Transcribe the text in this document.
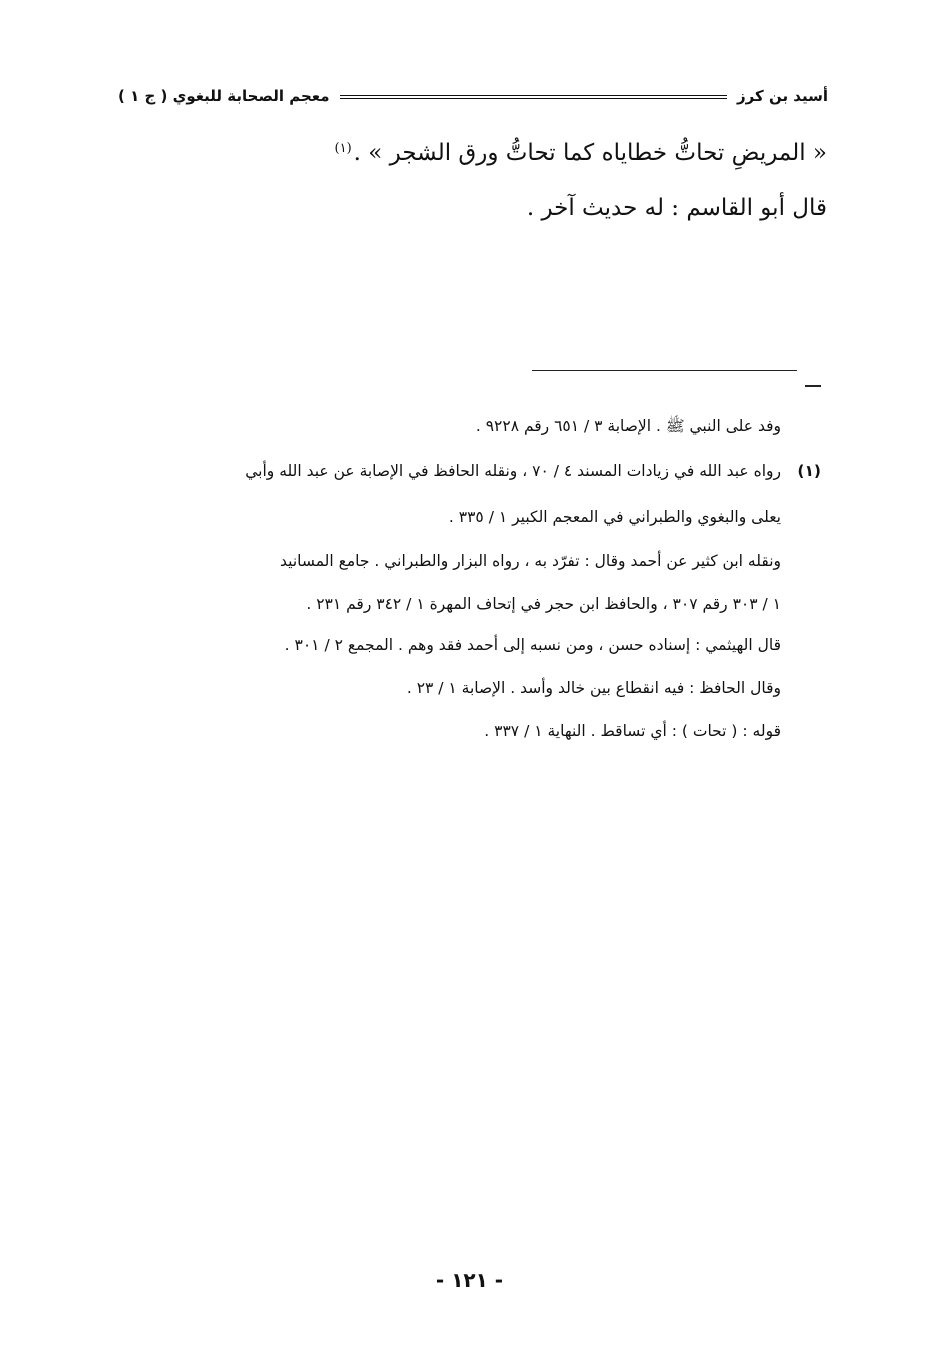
أسيد بن كرز
معجم الصحابة للبغوي ( ج ١ )
« المريضِ تحاتُّ خطاياه كما تحاتُّ ورق الشجر » .$^{(١)}$
قال أبو القاسم : له حديث آخر .
وفد على النبي ﷺ . الإصابة ٣ / ٦٥١ رقم ٩٢٢٨ .
(١)رواه عبد الله في زيادات المسند ٤ / ٧٠ ، ونقله الحافظ في الإصابة عن عبد الله وأبي
يعلى والبغوي والطبراني في المعجم الكبير ١ / ٣٣٥ .
ونقله ابن كثير عن أحمد وقال : تفرّد به ، رواه البزار والطبراني . جامع المسانيد
١ / ٣٠٣ رقم ٣٠٧ ، والحافظ ابن حجر في إتحاف المهرة ١ / ٣٤٢ رقم ٢٣١ .
قال الهيثمي : إسناده حسن ، ومن نسبه إلى أحمد فقد وهم . المجمع ٢ / ٣٠١ .
وقال الحافظ : فيه انقطاع بين خالد وأسد . الإصابة ١ / ٢٣ .
قوله : ( تحات ) : أي تساقط . النهاية ١ / ٣٣٧ .
- ١٢١ -
